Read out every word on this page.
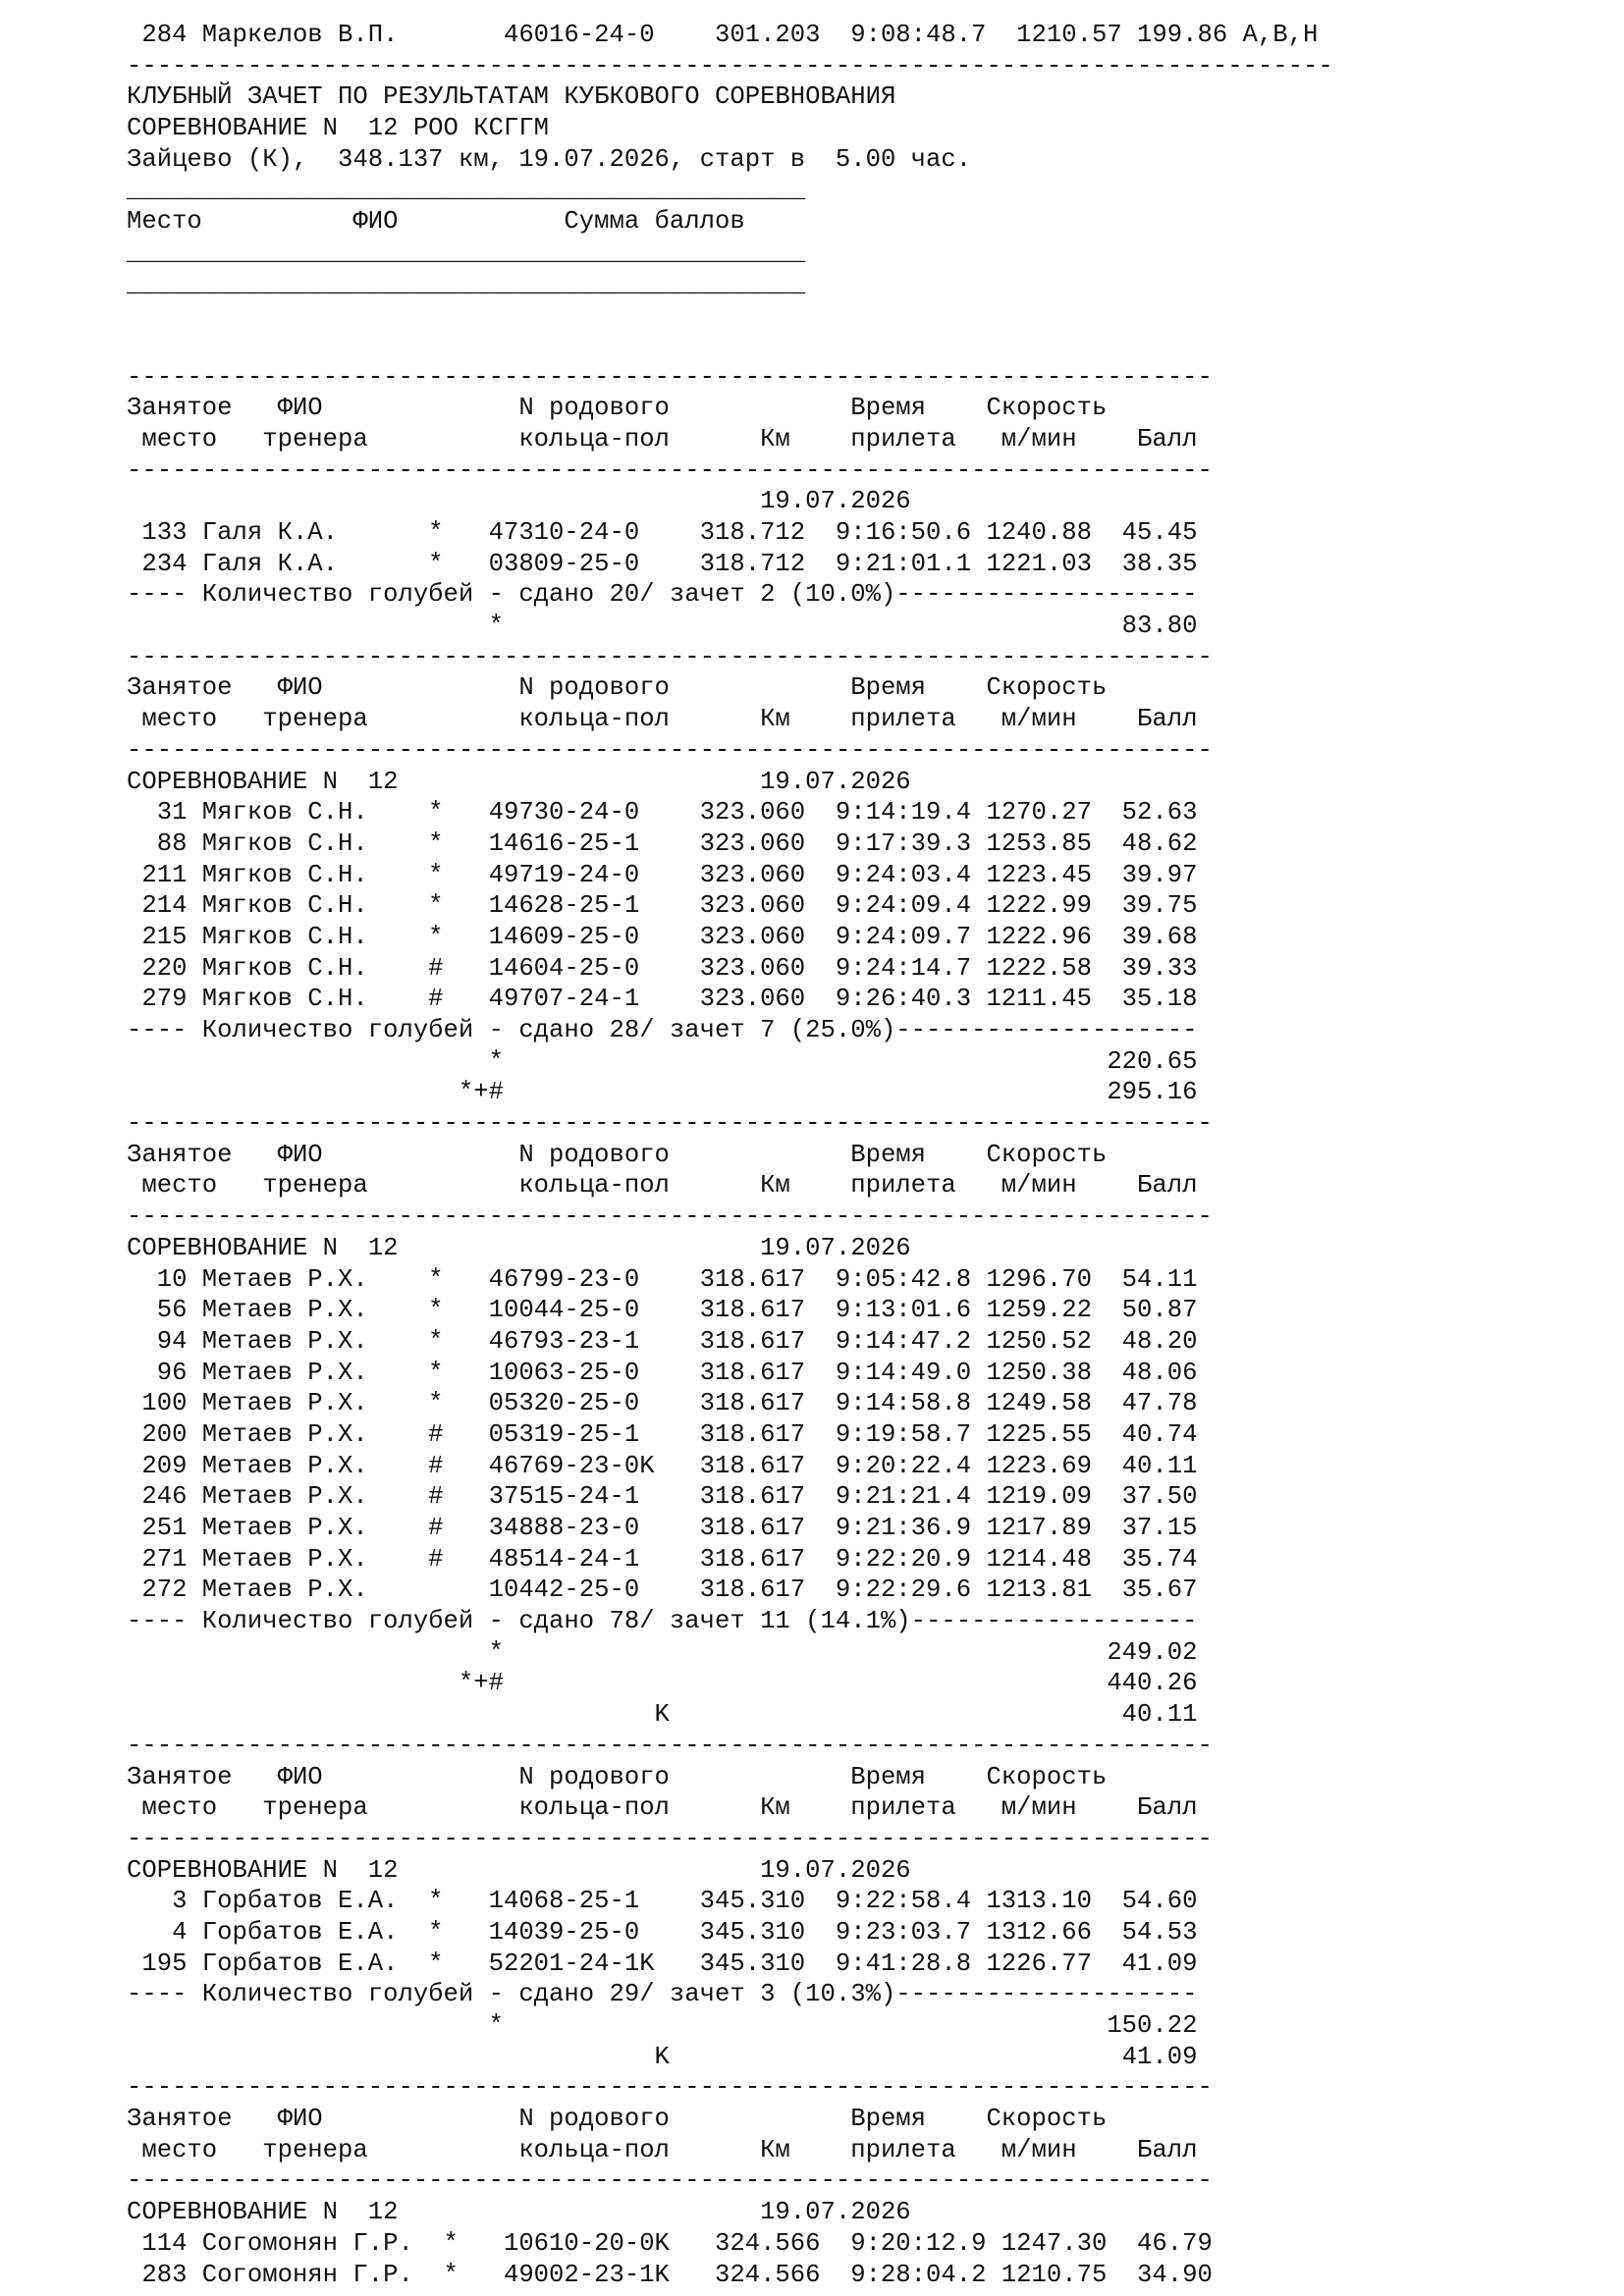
284 Маркелов В.П.       46016-24-0    301.203  9:08:48.7  1210.57 199.86 А,В,Н
--------------------------------------------------------------------------------
КЛУБНЫЙ ЗАЧЕТ ПО РЕЗУЛЬТАТАМ КУБКОВОГО СОРЕВНОВАНИЯ
СОРЕВНОВАНИЕ N  12 РОО КСГГМ
Зайцево (К),  348.137 км, 19.07.2026, старт в  5.00 час.
_____________________________________________
Место          ФИО           Сумма баллов
_____________________________________________
_____________________________________________

------------------------------------------------------------------------
Занятое   ФИО             N родового            Время    Скорость
место   тренера          кольца-пол      Км    прилета   м/мин    Балл
------------------------------------------------------------------------
19.07.2026
133 Галя К.А.      *   47310-24-0    318.712  9:16:50.6 1240.88  45.45
234 Галя К.А.      *   03809-25-0    318.712  9:21:01.1 1221.03  38.35
---- Количество голубей - сдано 20/ зачет 2 (10.0%)--------------------
*                                         83.80
------------------------------------------------------------------------
Занятое   ФИО             N родового            Время    Скорость
место   тренера          кольца-пол      Км    прилета   м/мин    Балл
------------------------------------------------------------------------
СОРЕВНОВАНИЕ N  12                        19.07.2026
31 Мягков С.Н.    *   49730-24-0    323.060  9:14:19.4 1270.27  52.63
88 Мягков С.Н.    *   14616-25-1    323.060  9:17:39.3 1253.85  48.62
211 Мягков С.Н.    *   49719-24-0    323.060  9:24:03.4 1223.45  39.97
214 Мягков С.Н.    *   14628-25-1    323.060  9:24:09.4 1222.99  39.75
215 Мягков С.Н.    *   14609-25-0    323.060  9:24:09.7 1222.96  39.68
220 Мягков С.Н.    #   14604-25-0    323.060  9:24:14.7 1222.58  39.33
279 Мягков С.Н.    #   49707-24-1    323.060  9:26:40.3 1211.45  35.18
---- Количество голубей - сдано 28/ зачет 7 (25.0%)--------------------
*                                        220.65
*+#                                        295.16
------------------------------------------------------------------------
Занятое   ФИО             N родового            Время    Скорость
место   тренера          кольца-пол      Км    прилета   м/мин    Балл
------------------------------------------------------------------------
СОРЕВНОВАНИЕ N  12                        19.07.2026
10 Метаев Р.Х.    *   46799-23-0    318.617  9:05:42.8 1296.70  54.11
56 Метаев Р.Х.    *   10044-25-0    318.617  9:13:01.6 1259.22  50.87
94 Метаев Р.Х.    *   46793-23-1    318.617  9:14:47.2 1250.52  48.20
96 Метаев Р.Х.    *   10063-25-0    318.617  9:14:49.0 1250.38  48.06
100 Метаев Р.Х.    *   05320-25-0    318.617  9:14:58.8 1249.58  47.78
200 Метаев Р.Х.    #   05319-25-1    318.617  9:19:58.7 1225.55  40.74
209 Метаев Р.Х.    #   46769-23-0K   318.617  9:20:22.4 1223.69  40.11
246 Метаев Р.Х.    #   37515-24-1    318.617  9:21:21.4 1219.09  37.50
251 Метаев Р.Х.    #   34888-23-0    318.617  9:21:36.9 1217.89  37.15
271 Метаев Р.Х.    #   48514-24-1    318.617  9:22:20.9 1214.48  35.74
272 Метаев Р.Х.        10442-25-0    318.617  9:22:29.6 1213.81  35.67
---- Количество голубей - сдано 78/ зачет 11 (14.1%)-------------------
*                                        249.02
*+#                                        440.26
K                              40.11
------------------------------------------------------------------------
Занятое   ФИО             N родового            Время    Скорость
место   тренера          кольца-пол      Км    прилета   м/мин    Балл
------------------------------------------------------------------------
СОРЕВНОВАНИЕ N  12                        19.07.2026
3 Горбатов Е.А.  *   14068-25-1    345.310  9:22:58.4 1313.10  54.60
4 Горбатов Е.А.  *   14039-25-0    345.310  9:23:03.7 1312.66  54.53
195 Горбатов Е.А.  *   52201-24-1K   345.310  9:41:28.8 1226.77  41.09
---- Количество голубей - сдано 29/ зачет 3 (10.3%)--------------------
*                                        150.22
K                              41.09
------------------------------------------------------------------------
Занятое   ФИО             N родового            Время    Скорость
место   тренера          кольца-пол      Км    прилета   м/мин    Балл
------------------------------------------------------------------------
СОРЕВНОВАНИЕ N  12                        19.07.2026
114 Согомонян Г.Р.  *   10610-20-0K   324.566  9:20:12.9 1247.30  46.79
283 Согомонян Г.Р.  *   49002-23-1K   324.566  9:28:04.2 1210.75  34.90
